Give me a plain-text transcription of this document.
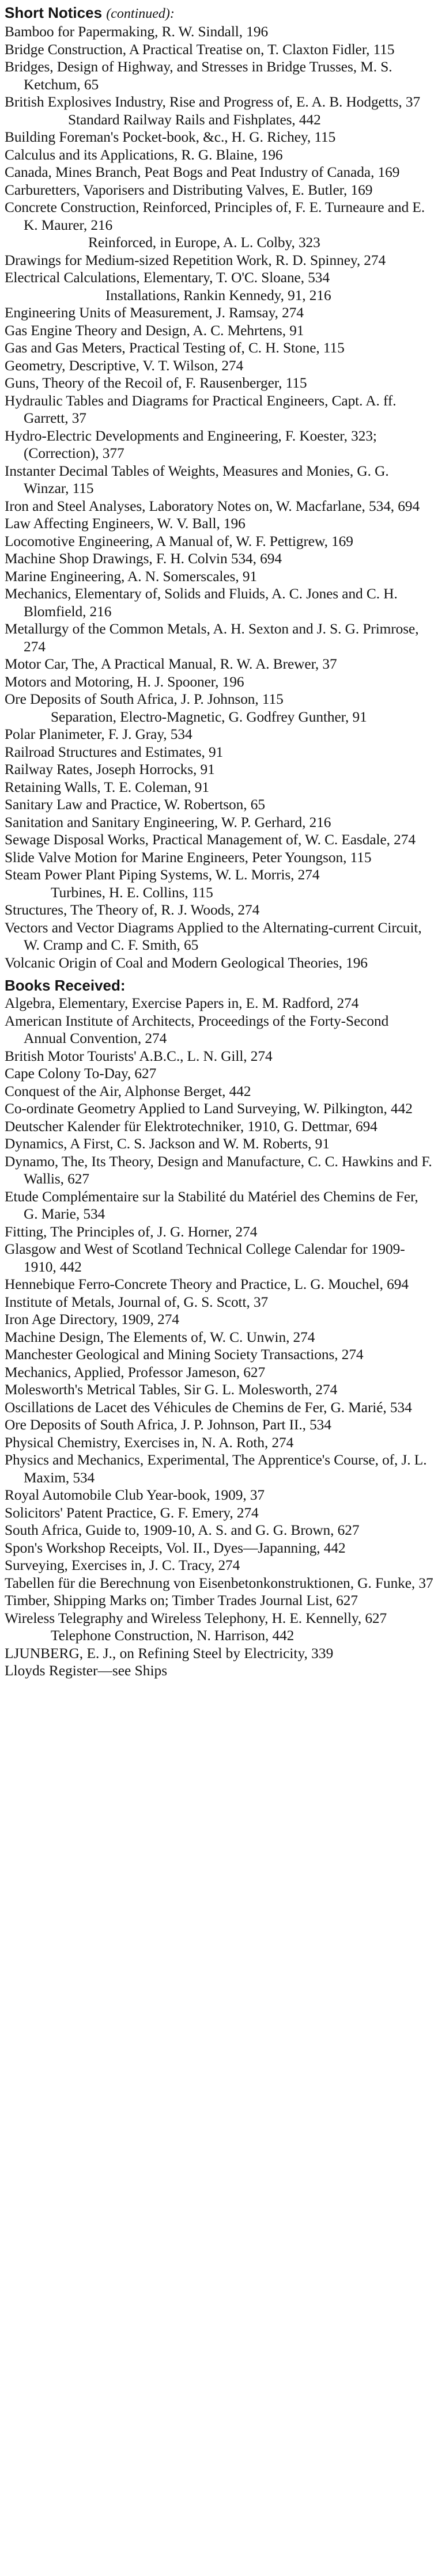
Short Notices (continued):

Bamboo for Papermaking, R. W. Sindall, 196

Bridge Construction, A Practical Treatise on, T. Claxton Fidler, 115

Bridges, Design of Highway, and Stresses in Bridge Trusses, M. S. Ketchum, 65

British Explosives Industry, Rise and Progress of, E. A. B. Hodgetts, 37

Standard Railway Rails and Fishplates, 442

Building Foreman's Pocket-book, &c., H. G. Richey, 115

Calculus and its Applications, R. G. Blaine, 196

Canada, Mines Branch, Peat Bogs and Peat Industry of Canada, 169

Carburetters, Vaporisers and Distributing Valves, E. Butler, 169

Concrete Construction, Reinforced, Principles of, F. E. Turneaure and E. K. Maurer, 216

Reinforced, in Europe, A. L. Colby, 323

Drawings for Medium-sized Repetition Work, R. D. Spinney, 274

Electrical Calculations, Elementary, T. O'C. Sloane, 534

Installations, Rankin Kennedy, 91, 216

Engineering Units of Measurement, J. Ramsay, 274

Gas Engine Theory and Design, A. C. Mehrtens, 91

Gas and Gas Meters, Practical Testing of, C. H. Stone, 115

Geometry, Descriptive, V. T. Wilson, 274

Guns, Theory of the Recoil of, F. Rausenberger, 115

Hydraulic Tables and Diagrams for Practical Engineers, Capt. A. ff. Garrett, 37

Hydro-Electric Developments and Engineering, F. Koester, 323; (Correction), 377

Instanter Decimal Tables of Weights, Measures and Monies, G. G. Winzar, 115

Iron and Steel Analyses, Laboratory Notes on, W. Macfarlane, 534, 694

Law Affecting Engineers, W. V. Ball, 196

Locomotive Engineering, A Manual of, W. F. Pettigrew, 169

Machine Shop Drawings, F. H. Colvin 534, 694

Marine Engineering, A. N. Somerscales, 91

Mechanics, Elementary of, Solids and Fluids, A. C. Jones and C. H. Blomfield, 216

Metallurgy of the Common Metals, A. H. Sexton and J. S. G. Primrose, 274

Motor Car, The, A Practical Manual, R. W. A. Brewer, 37

Motors and Motoring, H. J. Spooner, 196

Ore Deposits of South Africa, J. P. Johnson, 115

Separation, Electro-Magnetic, G. Godfrey Gunther, 91

Polar Planimeter, F. J. Gray, 534

Railroad Structures and Estimates, 91

Railway Rates, Joseph Horrocks, 91

Retaining Walls, T. E. Coleman, 91

Sanitary Law and Practice, W. Robertson, 65

Sanitation and Sanitary Engineering, W. P. Gerhard, 216

Sewage Disposal Works, Practical Management of, W. C. Easdale, 274

Slide Valve Motion for Marine Engineers, Peter Youngson, 115

Steam Power Plant Piping Systems, W. L. Morris, 274

Turbines, H. E. Collins, 115

Structures, The Theory of, R. J. Woods, 274

Vectors and Vector Diagrams Applied to the Alternating-current Circuit, W. Cramp and C. F. Smith, 65

Volcanic Origin of Coal and Modern Geological Theories, 196

Books Received:

Algebra, Elementary, Exercise Papers in, E. M. Radford, 274

American Institute of Architects, Proceedings of the Forty-Second Annual Convention, 274

British Motor Tourists' A.B.C., L. N. Gill, 274

Cape Colony To-Day, 627

Conquest of the Air, Alphonse Berget, 442

Co-ordinate Geometry Applied to Land Surveying, W. Pilkington, 442

Deutscher Kalender für Elektrotechniker, 1910, G. Dettmar, 694

Dynamics, A First, C. S. Jackson and W. M. Roberts, 91

Dynamo, The, Its Theory, Design and Manufacture, C. C. Hawkins and F. Wallis, 627

Etude Complémentaire sur la Stabilité du Matériel des Chemins de Fer, G. Marie, 534

Fitting, The Principles of, J. G. Horner, 274

Glasgow and West of Scotland Technical College Calendar for 1909-1910, 442

Hennebique Ferro-Concrete Theory and Practice, L. G. Mouchel, 694

Institute of Metals, Journal of, G. S. Scott, 37

Iron Age Directory, 1909, 274

Machine Design, The Elements of, W. C. Unwin, 274

Manchester Geological and Mining Society Transactions, 274

Mechanics, Applied, Professor Jameson, 627

Molesworth's Metrical Tables, Sir G. L. Molesworth, 274

Oscillations de Lacet des Véhicules de Chemins de Fer, G. Marié, 534

Ore Deposits of South Africa, J. P. Johnson, Part II., 534

Physical Chemistry, Exercises in, N. A. Roth, 274

Physics and Mechanics, Experimental, The Apprentice's Course, of, J. L. Maxim, 534

Royal Automobile Club Year-book, 1909, 37

Solicitors' Patent Practice, G. F. Emery, 274

South Africa, Guide to, 1909-10, A. S. and G. G. Brown, 627

Spon's Workshop Receipts, Vol. II., Dyes—Japanning, 442

Surveying, Exercises in, J. C. Tracy, 274

Tabellen für die Berechnung von Eisenbetonkonstruktionen, G. Funke, 37

Timber, Shipping Marks on; Timber Trades Journal List, 627

Wireless Telegraphy and Wireless Telephony, H. E. Kennelly, 627

Telephone Construction, N. Harrison, 442

LJUNBERG, E. J., on Refining Steel by Electricity, 339

Lloyds Register—see Ships
